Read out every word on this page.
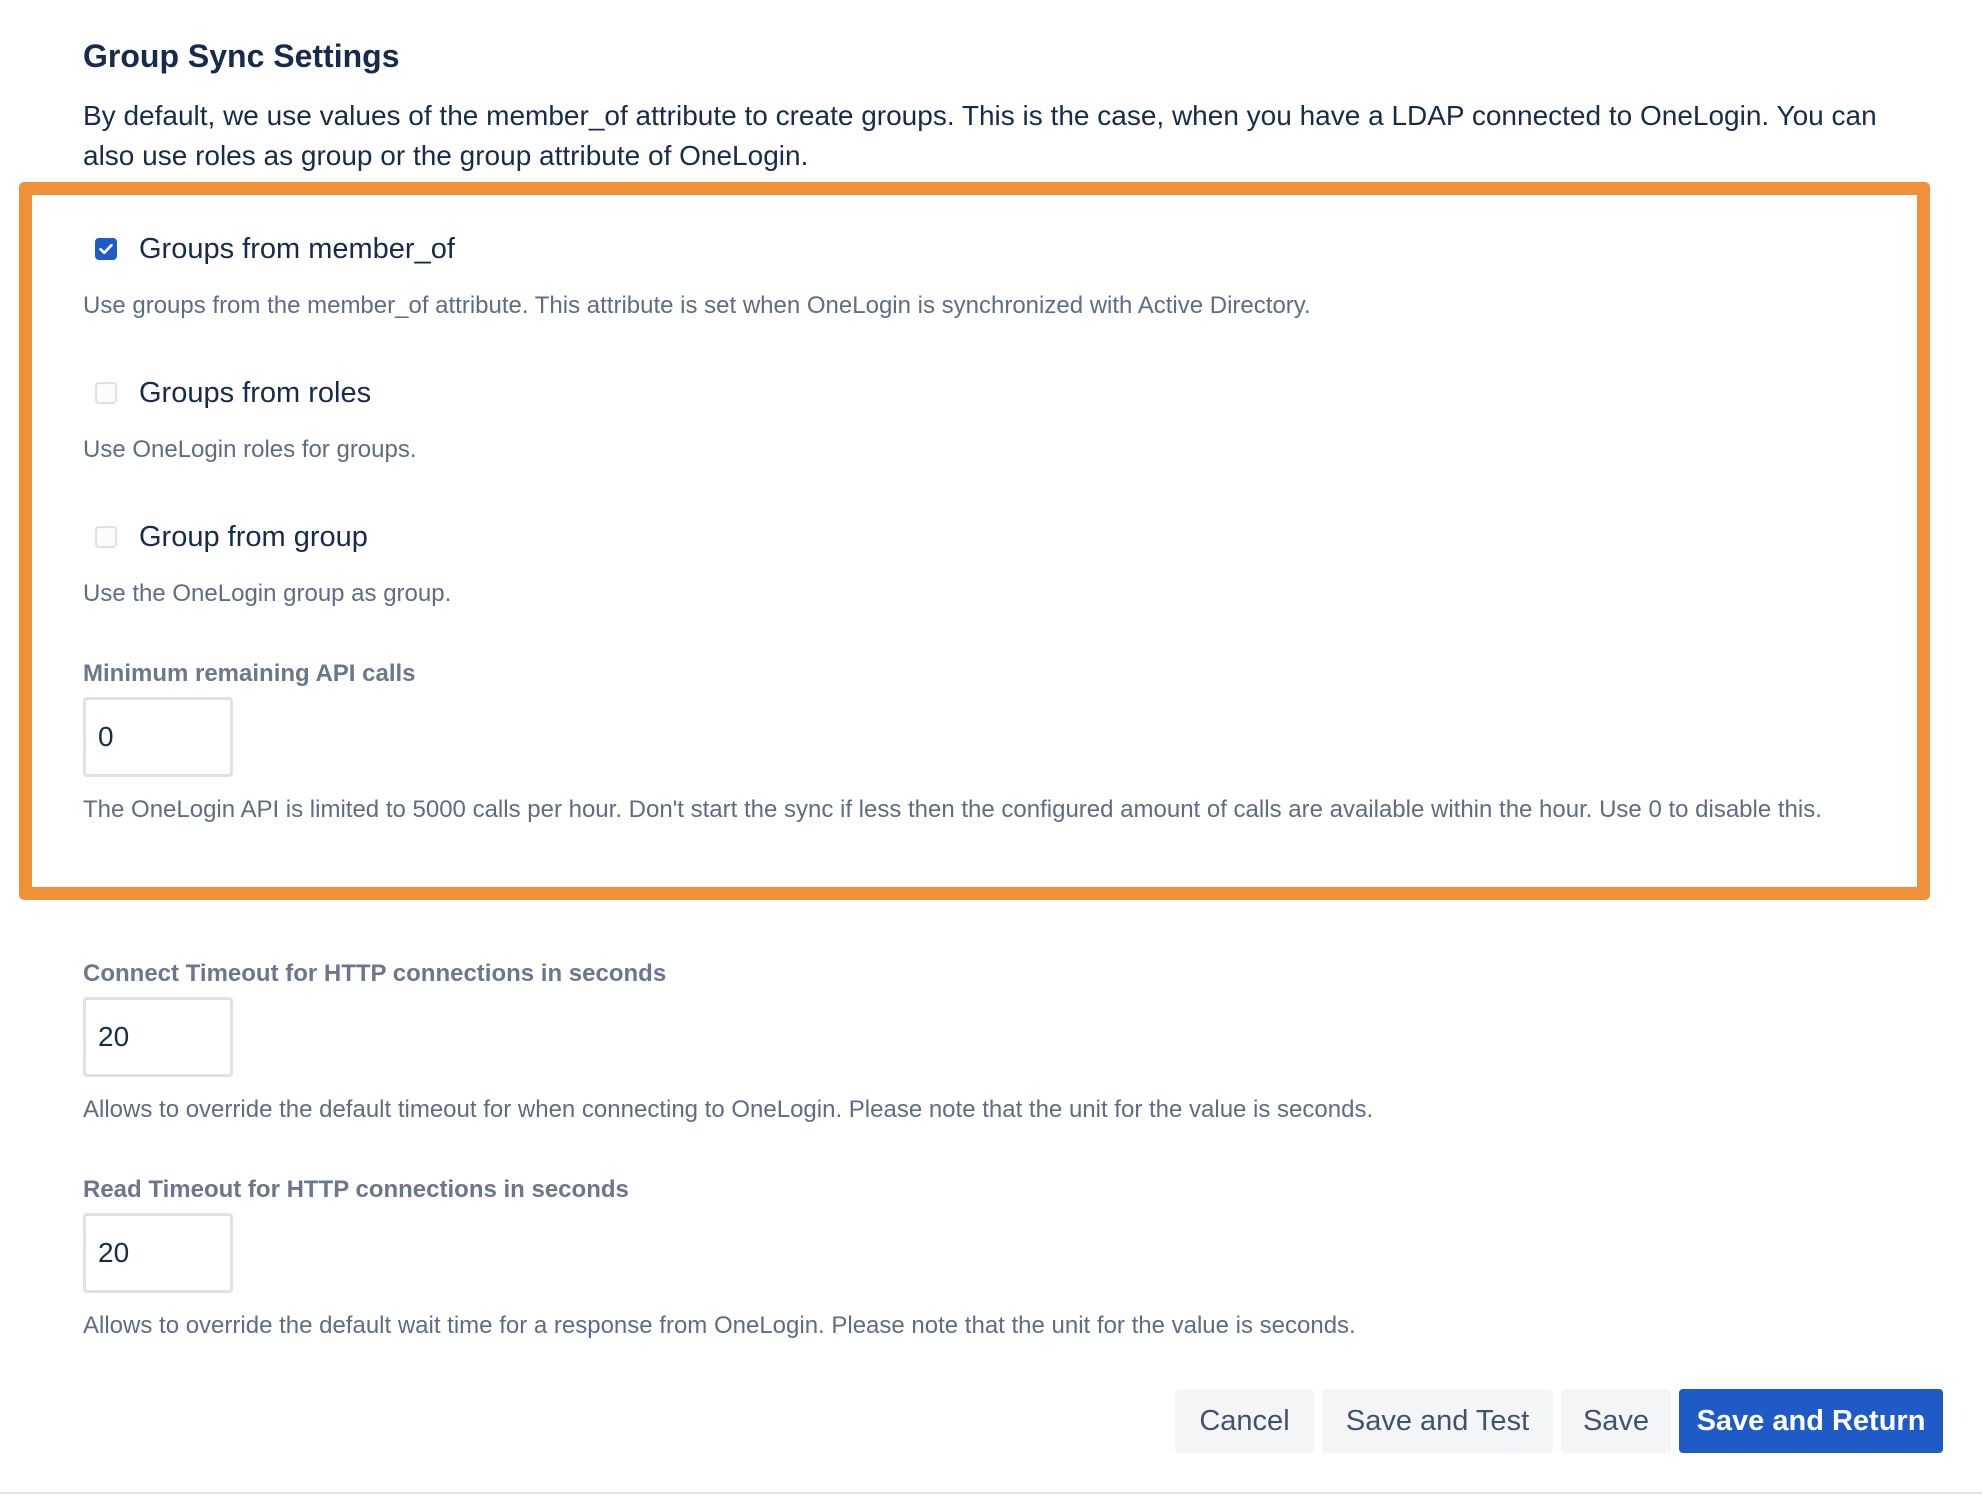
Group Sync Settings
By default, we use values of the member_of attribute to create groups. This is the case, when you have a LDAP connected to OneLogin. You can also use roles as group or the group attribute of OneLogin.
Groups from member_of
Use groups from the member_of attribute. This attribute is set when OneLogin is synchronized with Active Directory.
Groups from roles
Use OneLogin roles for groups.
Group from group
Use the OneLogin group as group.
Minimum remaining API calls
0
The OneLogin API is limited to 5000 calls per hour. Don't start the sync if less then the configured amount of calls are available within the hour. Use 0 to disable this.
Connect Timeout for HTTP connections in seconds
20
Allows to override the default timeout for when connecting to OneLogin. Please note that the unit for the value is seconds.
Read Timeout for HTTP connections in seconds
20
Allows to override the default wait time for a response from OneLogin. Please note that the unit for the value is seconds.
Cancel	Save and Test	Save	Save and Return
